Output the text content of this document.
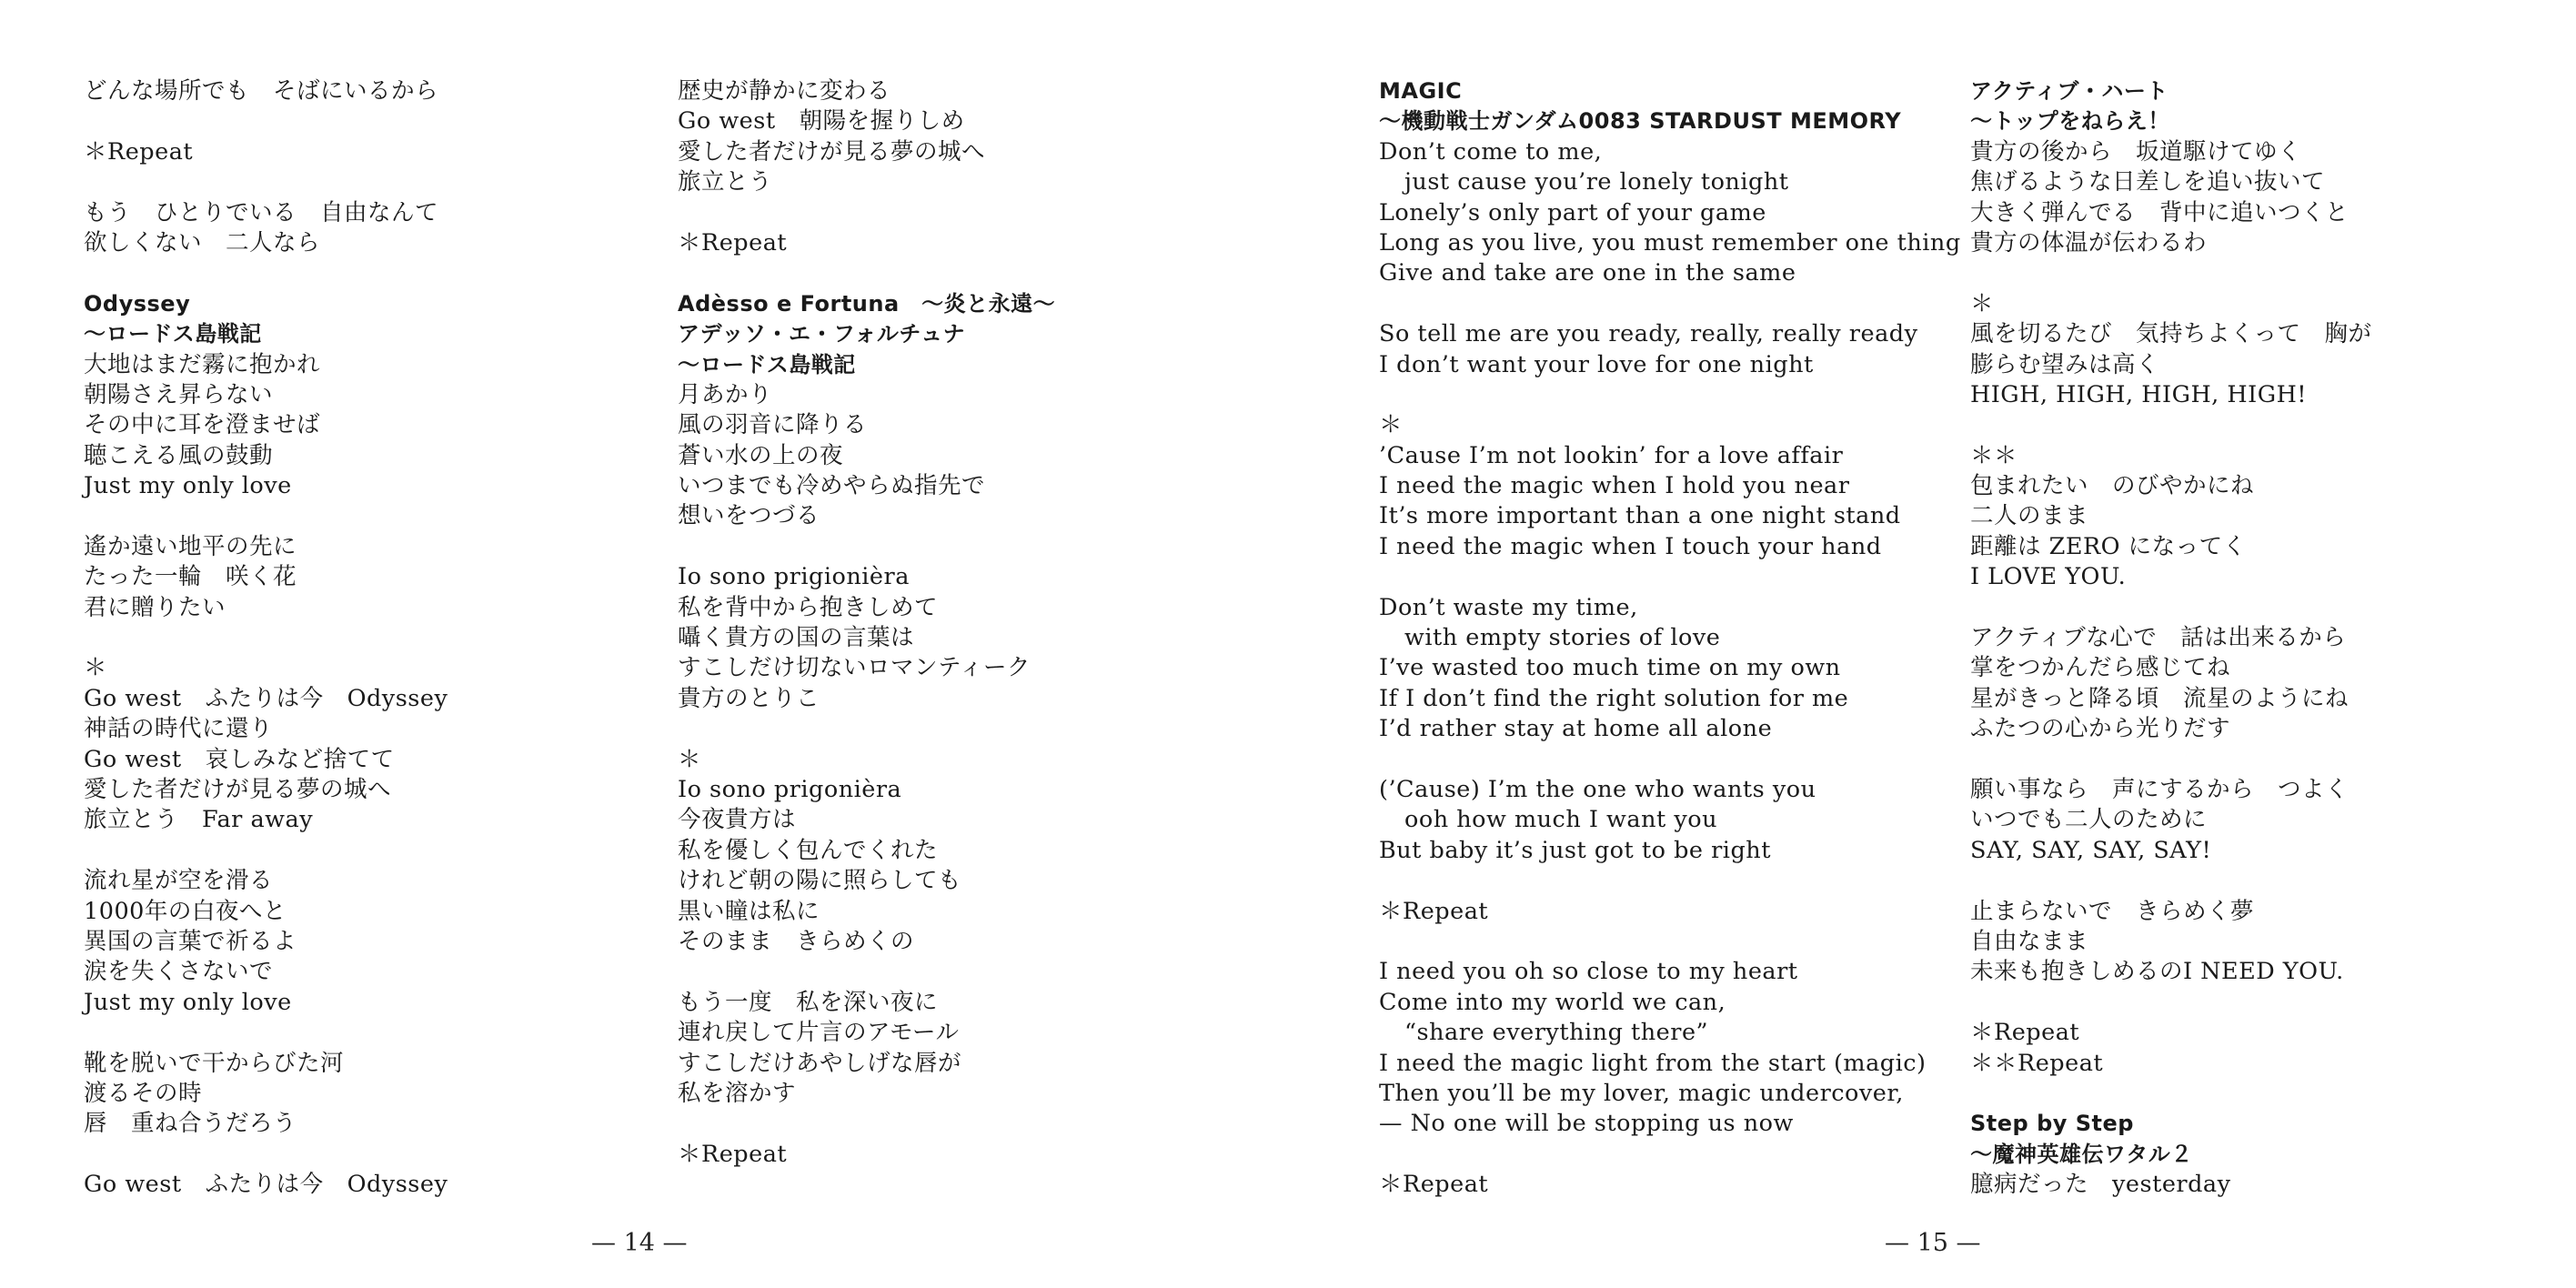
どんな場所でも　そばにいるから

＊Repeat

もう　ひとりでいる　自由なんて

欲しくない　二人なら

Odyssey

〜ロードス島戦記

大地はまだ霧に抱かれ

朝陽さえ昇らない

その中に耳を澄ませば

聴こえる風の鼓動

Just my only love

遙か遠い地平の先に

たった一輪　咲く花

君に贈りたい

＊

Go west　ふたりは今　Odyssey

神話の時代に還り

Go west　哀しみなど捨てて

愛した者だけが見る夢の城へ

旅立とう　Far away

流れ星が空を滑る

1000年の白夜へと

異国の言葉で祈るよ

涙を失くさないで

Just my only love

靴を脱いで干からびた河

渡るその時

唇　重ね合うだろう

Go west　ふたりは今　Odyssey

歴史が静かに変わる

Go west　朝陽を握りしめ

愛した者だけが見る夢の城へ

旅立とう

＊Repeat

Adèsso e Fortuna　〜炎と永遠〜

アデッソ・エ・フォルチュナ

〜ロードス島戦記

月あかり

風の羽音に降りる

蒼い水の上の夜

いつまでも冷めやらぬ指先で

想いをつづる

Io sono prigionièra

私を背中から抱きしめて

囁く貴方の国の言葉は

すこしだけ切ないロマンティーク

貴方のとりこ

＊

Io sono prigonièra

今夜貴方は

私を優しく包んでくれた

けれど朝の陽に照らしても

黒い瞳は私に

そのまま　きらめくの

もう一度　私を深い夜に

連れ戻して片言のアモール

すこしだけあやしげな唇が

私を溶かす

＊Repeat

— 14 —

MAGIC

〜機動戦士ガンダム0083 STARDUST MEMORY

Don’t come to me,

just cause you’re lonely tonight

Lonely’s only part of your game

Long as you live, you must remember one thing

Give and take are one in the same

So tell me are you ready, really, really ready

I don’t want your love for one night

＊

’Cause I’m not lookin’ for a love affair

I need the magic when I hold you near

It’s more important than a one night stand

I need the magic when I touch your hand

Don’t waste my time,

with empty stories of love

I’ve wasted too much time on my own

If I don’t find the right solution for me

I’d rather stay at home all alone

(’Cause) I’m the one who wants you

ooh how much I want you

But baby it’s just got to be right

＊Repeat

I need you oh so close to my heart

Come into my world we can,

“share everything there”

I need the magic light from the start (magic)

Then you’ll be my lover, magic undercover,

— No one will be stopping us now

＊Repeat

アクティブ・ハート

〜トップをねらえ！

貴方の後から　坂道駆けてゆく

焦げるような日差しを追い抜いて

大きく弾んでる　背中に追いつくと

貴方の体温が伝わるわ

＊

風を切るたび　気持ちよくって　胸が

膨らむ望みは高く

HIGH, HIGH, HIGH, HIGH!

＊＊

包まれたい　のびやかにね

二人のまま

距離は ZERO になってく

I LOVE YOU.

アクティブな心で　話は出来るから

掌をつかんだら感じてね

星がきっと降る頃　流星のようにね

ふたつの心から光りだす

願い事なら　声にするから　つよく

いつでも二人のために

SAY, SAY, SAY, SAY!

止まらないで　きらめく夢

自由なまま

未来も抱きしめるのI NEED YOU.

＊Repeat

＊＊Repeat

Step by Step

〜魔神英雄伝ワタル２

臆病だった　yesterday

— 15 —
